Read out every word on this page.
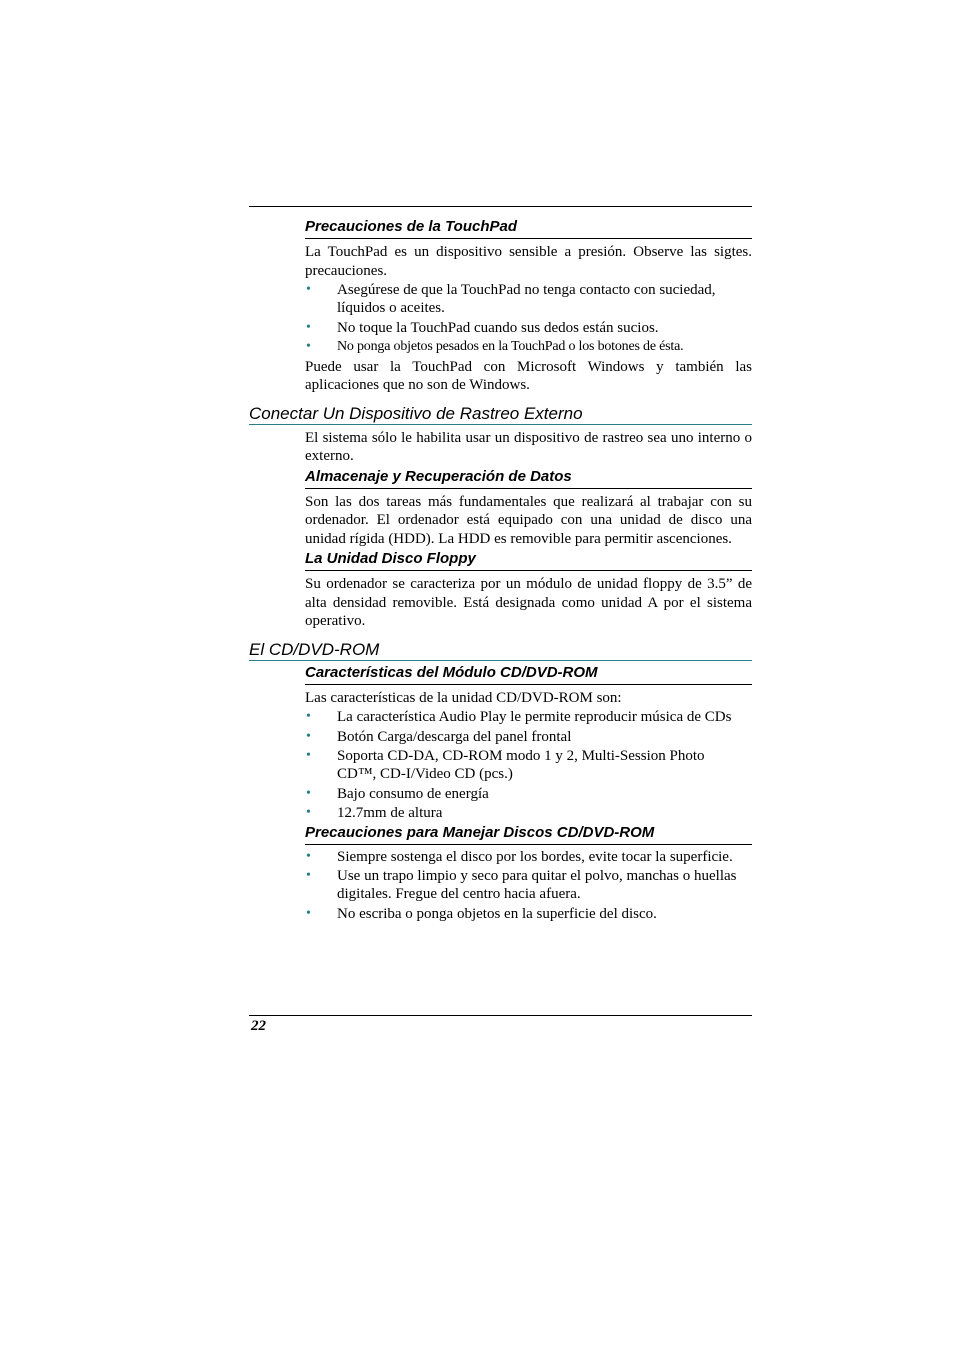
Precauciones de la TouchPad

La TouchPad es un dispositivo sensible a presión. Observe las sigtes. precauciones.

• Asegúrese de que la TouchPad no tenga contacto con suciedad, líquidos o aceites.
• No toque la TouchPad cuando sus dedos están sucios.
• No ponga objetos pesados en la TouchPad o los botones de ésta.

Puede usar la TouchPad con Microsoft Windows y también las aplicaciones que no son de Windows.

Conectar Un Dispositivo de Rastreo Externo

El sistema sólo le habilita usar un dispositivo de rastreo sea uno interno o externo.

Almacenaje y Recuperación de Datos

Son las dos tareas más fundamentales que realizará al trabajar con su ordenador. El ordenador está equipado con una unidad de disco una unidad rígida (HDD). La HDD es removible para permitir ascenciones.

La Unidad Disco Floppy

Su ordenador se caracteriza por un módulo de unidad floppy de 3.5” de alta densidad removible. Está designada como unidad A por el sistema operativo.

El CD/DVD-ROM
Características del Módulo CD/DVD-ROM

Las características de la unidad CD/DVD-ROM son:

• La característica Audio Play le permite reproducir música de CDs
• Botón Carga/descarga del panel frontal
• Soporta CD-DA, CD-ROM modo 1 y 2, Multi-Session Photo CD™, CD-I/Video CD (pcs.)
• Bajo consumo de energía
• 12.7mm de altura
Precauciones para Manejar Discos CD/DVD-ROM
• Siempre sostenga el disco por los bordes, evite tocar la superficie.
• Use un trapo limpio y seco para quitar el polvo, manchas o huellas digitales. Fregue del centro hacia afuera.
• No escriba o ponga objetos en la superficie del disco.
22
